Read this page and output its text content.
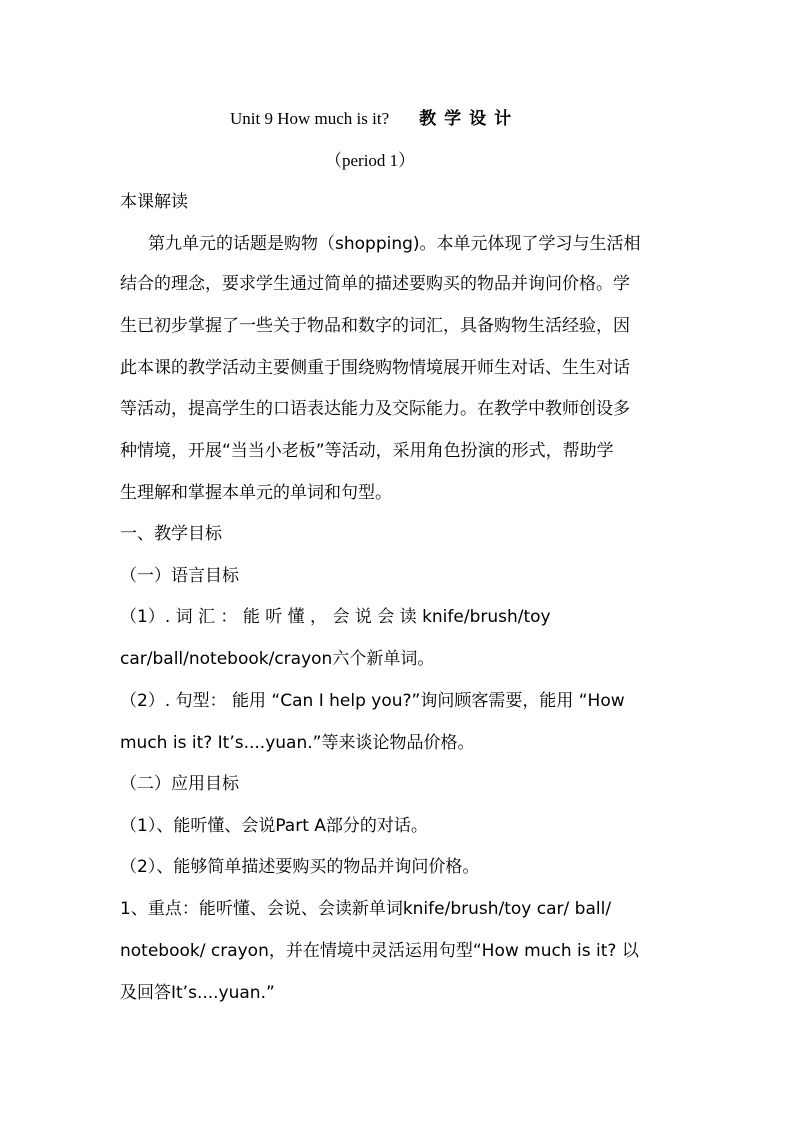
Unit 9 How much is it? 教学设计
（period 1）
本课解读
第九单元的话题是购物（shopping)。本单元体现了学习与生活相
结合的理念，要求学生通过简单的描述要购买的物品并询问价格。学
生已初步掌握了一些关于物品和数字的词汇，具备购物生活经验，因
此本课的教学活动主要侧重于围绕购物情境展开师生对话、生生对话
等活动，提高学生的口语表达能力及交际能力。在教学中教师创设多
种情境，开展“当当小老板”等活动，采用角色扮演的形式，帮助学
生理解和掌握本单元的单词和句型。
一、教学目标
（一）语言目标
（1）. 词 汇 ： 能 听 懂 ， 会 说 会 读 knife/brush/toy
car/ball/notebook/crayon六个新单词。
（2）. 句型： 能用 “Can I help you?”询问顾客需要，能用 “How
much is it? It’s....yuan.”等来谈论物品价格。
（二）应用目标
（1）、能听懂、会说Part A部分的对话。
（2）、能够简单描述要购买的物品并询问价格。
1、重点：能听懂、会说、会读新单词knife/brush/toy car/ ball/
notebook/ crayon，并在情境中灵活运用句型“How much is it? 以
及回答It’s....yuan.”
